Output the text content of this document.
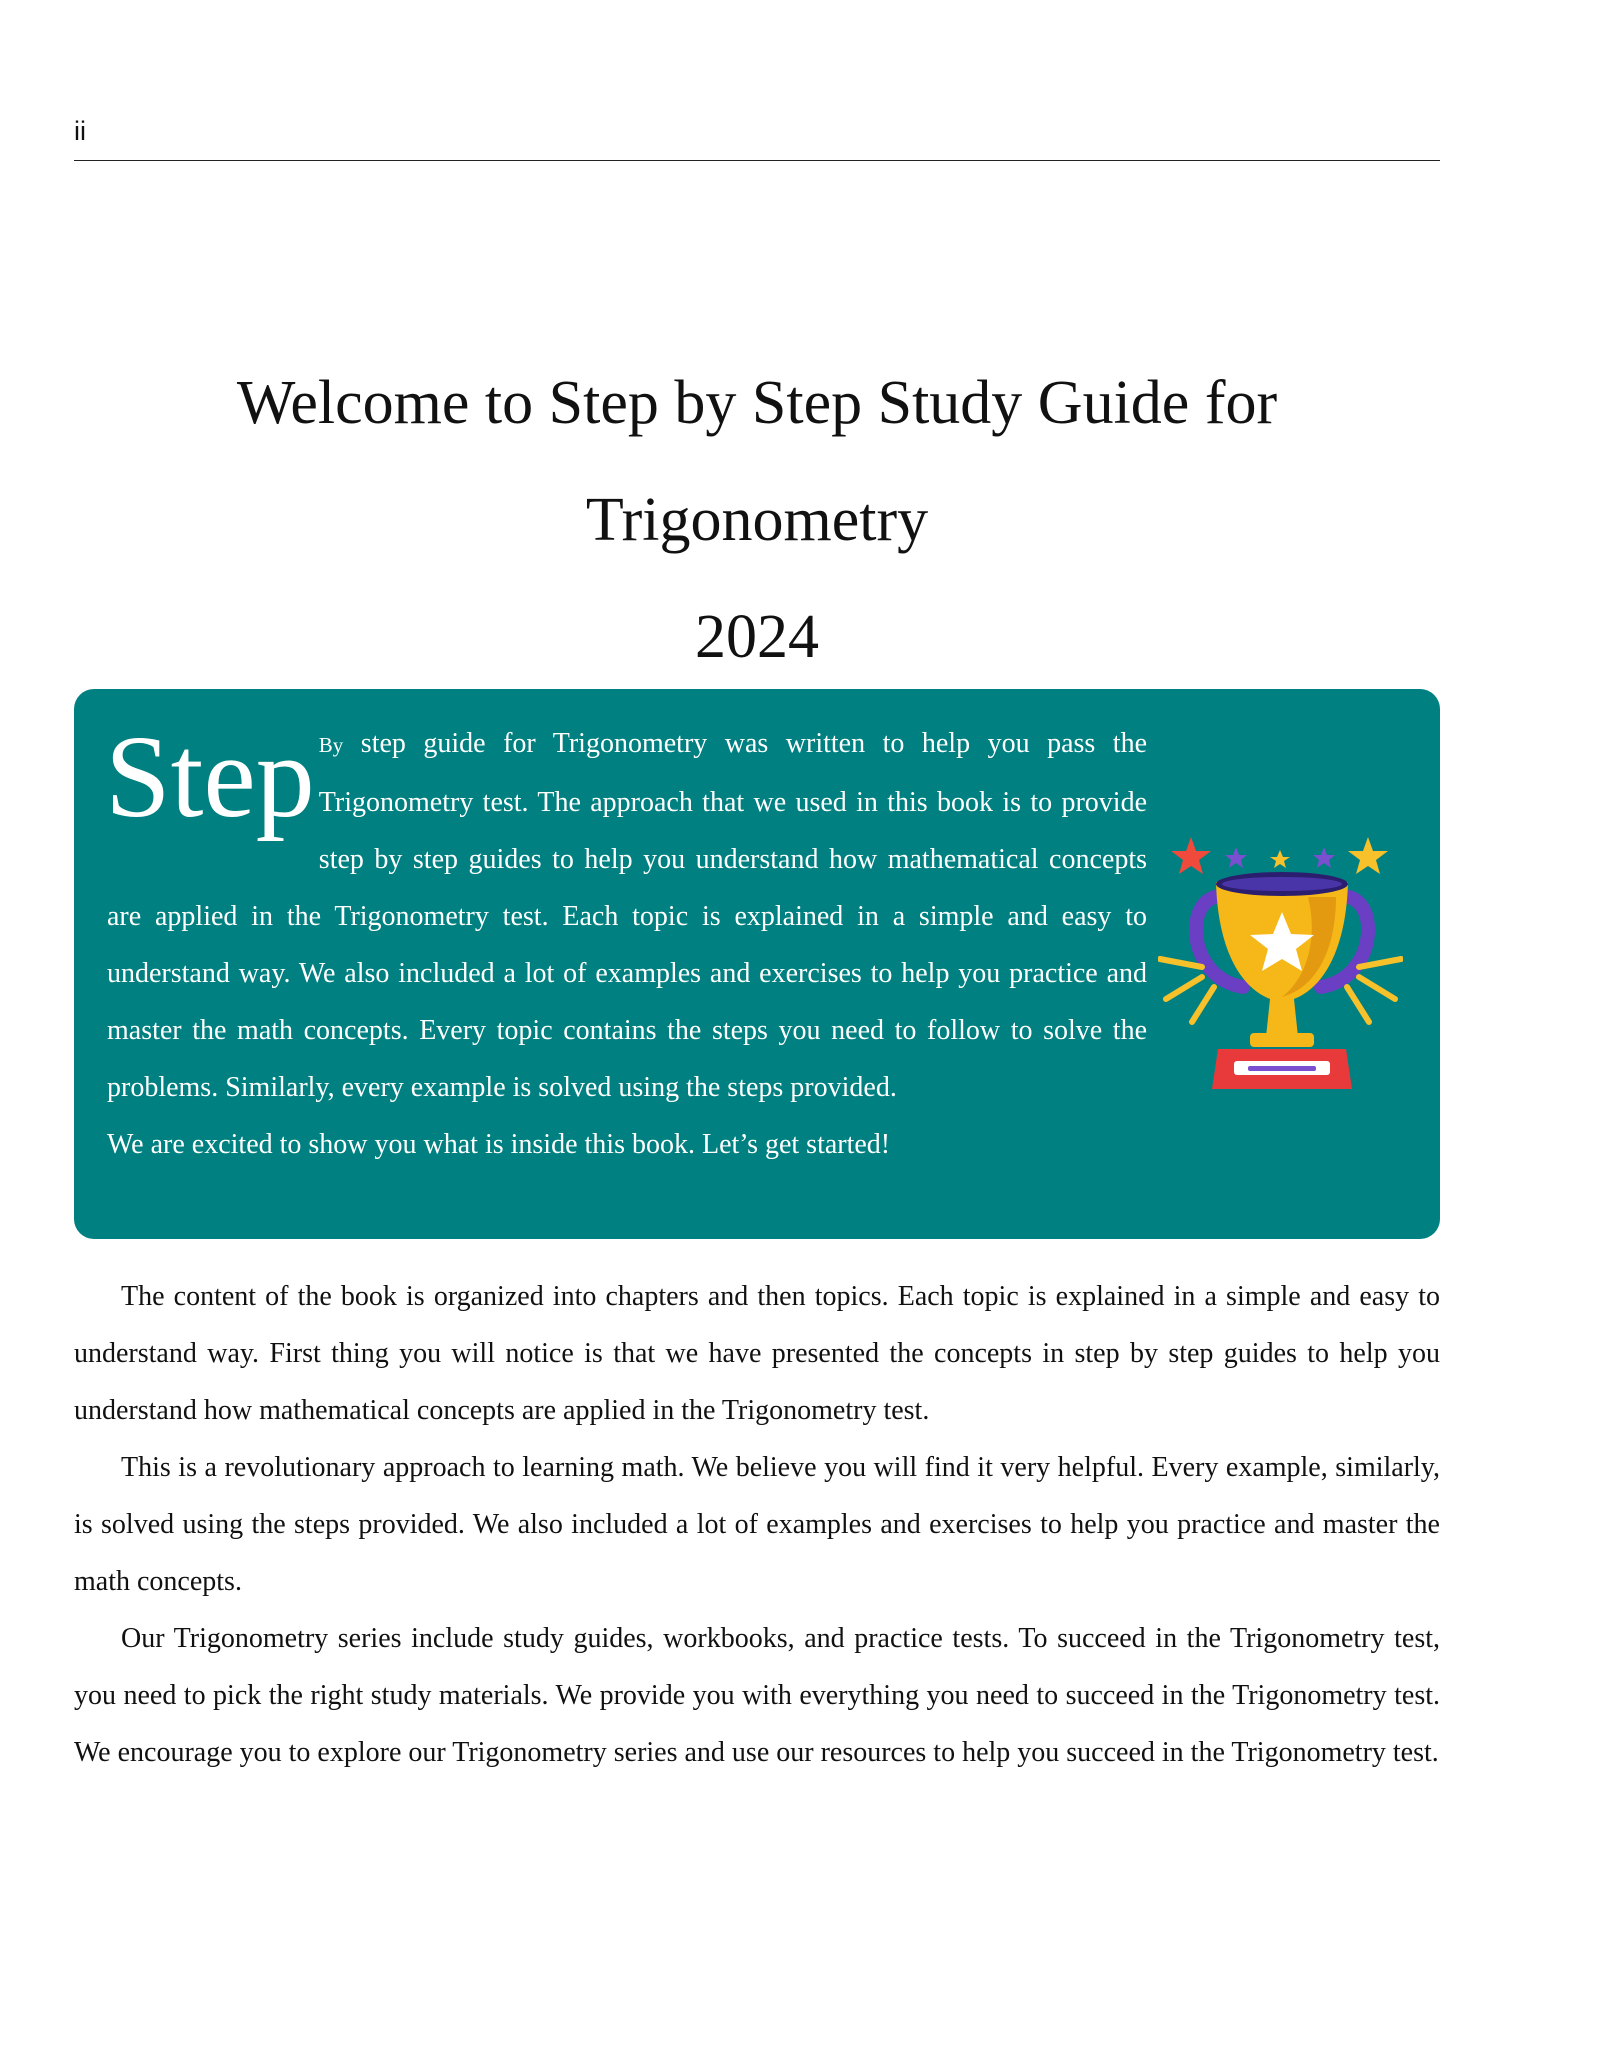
ii
Welcome to Step by Step Study Guide for
Trigonometry
2024

Step By step guide for Trigonometry was written to help you pass the Trigonometry test. The approach that we used in this book is to provide step by step guides to help you understand how mathematical concepts are applied in the Trigonometry test. Each topic is explained in a simple and easy to understand way. We also included a lot of examples and exercises to help you practice and master the math concepts. Every topic contains the steps you need to follow to solve the problems. Similarly, every example is solved using the steps provided.

We are excited to show you what is inside this book. Let’s get started!

The content of the book is organized into chapters and then topics. Each topic is explained in a simple and easy to understand way. First thing you will notice is that we have presented the concepts in step by step guides to help you understand how mathematical concepts are applied in the Trigonometry test.

This is a revolutionary approach to learning math. We believe you will find it very helpful. Every example, similarly, is solved using the steps provided. We also included a lot of examples and exercises to help you practice and master the math concepts.

Our Trigonometry series include study guides, workbooks, and practice tests. To succeed in the Trigonometry test, you need to pick the right study materials. We provide you with everything you need to succeed in the Trigonometry test. We encourage you to explore our Trigonometry series and use our resources to help you succeed in the Trigonometry test.
